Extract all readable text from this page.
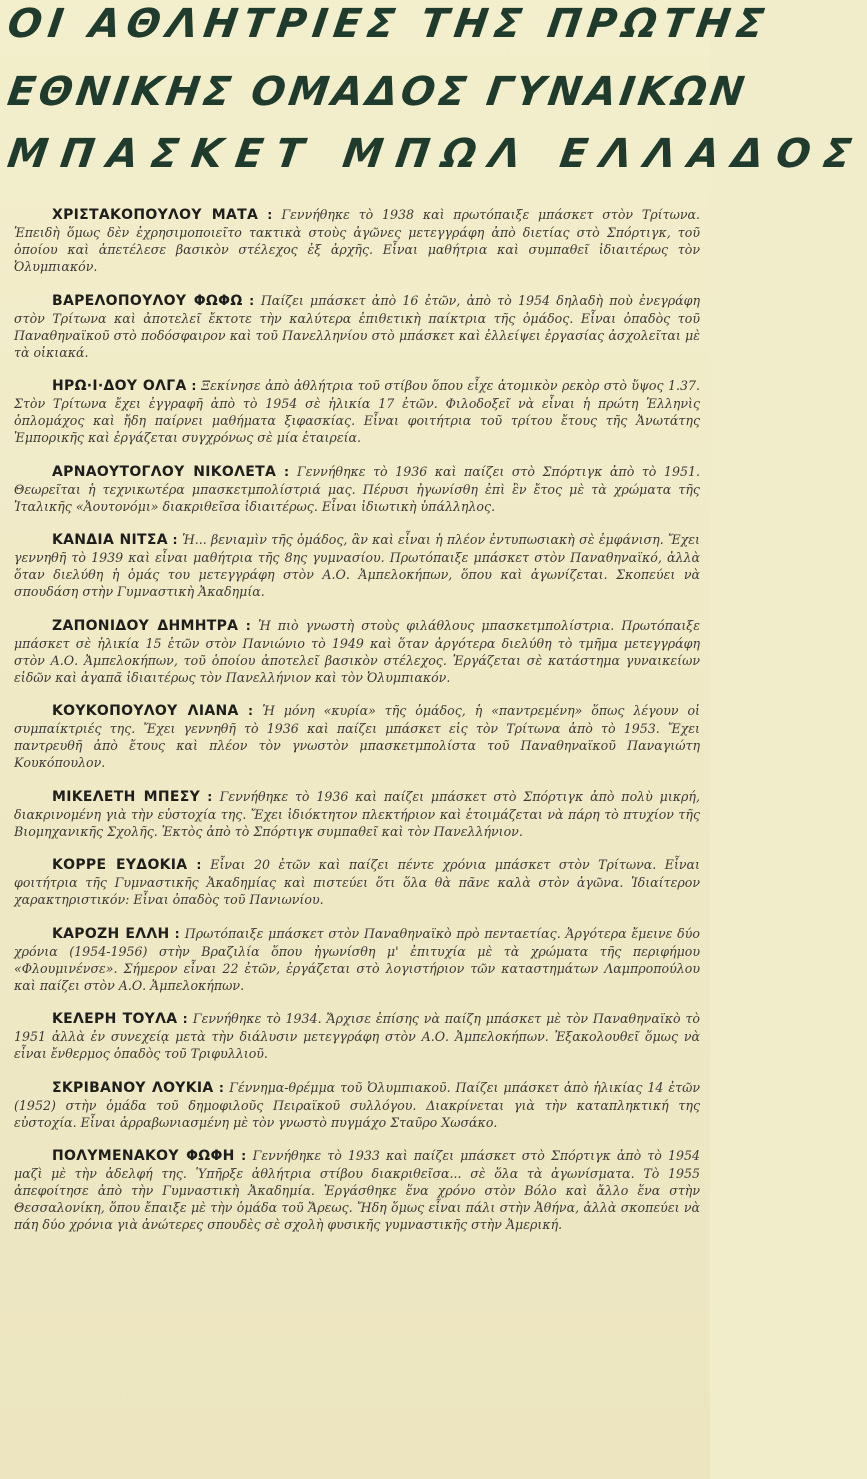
ΟΙ ΑΘΛΗΤΡΙΕΣ ΤΗΣ ΠΡΩΤΗΣ
ΕΘΝΙΚΗΣ ΟΜΑΔΟΣ ΓΥΝΑΙΚΩΝ
ΜΠΑΣΚΕΤ ΜΠΩΛ ΕΛΛΑΔΟΣ

ΧΡΙΣΤΑΚΟΠΟΥΛΟΥ ΜΑΤΑ : Γεννήθηκε τὸ 1938 καὶ πρωτόπαιξε μπάσκετ στὸν Τρίτωνα. Ἐπειδὴ ὅμως δὲν ἐχρησιμοποιεῖτο τακτικὰ στοὺς ἀγῶνες μετεγγράφη ἀπὸ διετίας στὸ Σπόρτιγκ, τοῦ ὁποίου καὶ ἀπετέλεσε βασικὸν στέλεχος ἐξ ἀρχῆς. Εἶναι μαθήτρια καὶ συμπαθεῖ ἰδιαιτέρως τὸν Ὀλυμπιακόν.

ΒΑΡΕΛΟΠΟΥΛΟΥ ΦΩΦΩ : Παίζει μπάσκετ ἀπὸ 16 ἐτῶν, ἀπὸ τὸ 1954 δηλαδὴ ποὺ ἐνεγράφη στὸν Τρίτωνα καὶ ἀποτελεῖ ἔκτοτε τὴν καλύτερα ἐπιθετικὴ παίκτρια τῆς ὁμάδος. Εἶναι ὀπαδὸς τοῦ Παναθηναϊκοῦ στὸ ποδόσφαιρον καὶ τοῦ Πανελληνίου στὸ μπάσκετ καὶ ἐλλείψει ἐργασίας ἀσχολεῖται μὲ τὰ οἰκιακά.

ΗΡΩ·Ι·ΔΟΥ ΟΛΓΑ : Ξεκίνησε ἀπὸ ἀθλήτρια τοῦ στίβου ὅπου εἶχε ἀτομικὸν ρεκὸρ στὸ ὕψος 1.37. Στὸν Τρίτωνα ἔχει ἐγγραφῆ ἀπὸ τὸ 1954 σὲ ἡλικία 17 ἐτῶν. Φιλοδοξεῖ νὰ εἶναι ἡ πρώτη Ἑλληνὶς ὁπλομάχος καὶ ἤδη παίρνει μαθήματα ξιφασκίας. Εἶναι φοιτήτρια τοῦ τρίτου ἔτους τῆς Ἀνωτάτης Ἐμπορικῆς καὶ ἐργάζεται συγχρόνως σὲ μία ἑταιρεία.

ΑΡΝΑΟΥΤΟΓΛΟΥ ΝΙΚΟΛΕΤΑ : Γεννήθηκε τὸ 1936 καὶ παίζει στὸ Σπόρτιγκ ἀπὸ τὸ 1951. Θεωρεῖται ἡ τεχνικωτέρα μπασκετμπολίστριά μας. Πέρυσι ἠγωνίσθη ἐπὶ ἓν ἔτος μὲ τὰ χρώματα τῆς Ἰταλικῆς «Ἀουτονόμι» διακριθεῖσα ἰδιαιτέρως. Εἶναι ἰδιωτικὴ ὑπάλληλος.

ΚΑΝΔΙΑ ΝΙΤΣΑ : Ἡ... βενιαμὶν τῆς ὁμάδος, ἂν καὶ εἶναι ἡ πλέον ἐντυπωσιακὴ σὲ ἐμφάνιση. Ἔχει γεννηθῆ τὸ 1939 καὶ εἶναι μαθήτρια τῆς 8ης γυμνασίου. Πρωτόπαιξε μπάσκετ στὸν Παναθηναϊκό, ἀλλὰ ὅταν διελύθη ἡ ὁμάς του μετεγγράφη στὸν Α.Ο. Ἀμπελοκήπων, ὅπου καὶ ἀγωνίζεται. Σκοπεύει νὰ σπουδάση στὴν Γυμναστικὴ Ἀκαδημία.

ΖΑΠΟΝΙΔΟΥ ΔΗΜΗΤΡΑ : Ἡ πιὸ γνωστὴ στοὺς φιλάθλους μπασκετμπολίστρια. Πρωτόπαιξε μπάσκετ σὲ ἡλικία 15 ἐτῶν στὸν Πανιώνιο τὸ 1949 καὶ ὅταν ἀργότερα διελύθη τὸ τμῆμα μετεγγράφη στὸν Α.Ο. Ἀμπελοκήπων, τοῦ ὁποίου ἀποτελεῖ βασικὸν στέλεχος. Ἐργάζεται σὲ κατάστημα γυναικείων εἰδῶν καὶ ἀγαπᾶ ἰδιαιτέρως τὸν Πανελλήνιον καὶ τὸν Ὀλυμπιακόν.

ΚΟΥΚΟΠΟΥΛΟΥ ΛΙΑΝΑ : Ἡ μόνη «κυρία» τῆς ὁμάδος, ἡ «παντρεμένη» ὅπως λέγουν οἱ συμπαίκτριές της. Ἔχει γεννηθῆ τὸ 1936 καὶ παίζει μπάσκετ εἰς τὸν Τρίτωνα ἀπὸ τὸ 1953. Ἔχει παντρευθῆ ἀπὸ ἔτους καὶ πλέον τὸν γνωστὸν μπασκετμπολίστα τοῦ Παναθηναϊκοῦ Παναγιώτη Κουκόπουλον.

ΜΙΚΕΛΕΤΗ ΜΠΕΣΥ : Γεννήθηκε τὸ 1936 καὶ παίζει μπάσκετ στὸ Σπόρτιγκ ἀπὸ πολὺ μικρή, διακρινομένη γιὰ τὴν εὐστοχία της. Ἔχει ἰδιόκτητον πλεκτήριον καὶ ἑτοιμάζεται νὰ πάρη τὸ πτυχίον τῆς Βιομηχανικῆς Σχολῆς. Ἐκτὸς ἀπὸ τὸ Σπόρτιγκ συμπαθεῖ καὶ τὸν Πανελλήνιον.

ΚΟΡΡΕ ΕΥΔΟΚΙΑ : Εἶναι 20 ἐτῶν καὶ παίζει πέντε χρόνια μπάσκετ στὸν Τρίτωνα. Εἶναι φοιτήτρια τῆς Γυμναστικῆς Ἀκαδημίας καὶ πιστεύει ὅτι ὅλα θὰ πᾶνε καλὰ στὸν ἀγῶνα. Ἰδιαίτερον χαρακτηριστικόν: Εἶναι ὀπαδὸς τοῦ Πανιωνίου.

ΚΑΡΟΖΗ ΕΛΛΗ : Πρωτόπαιξε μπάσκετ στὸν Παναθηναϊκὸ πρὸ πενταετίας. Ἀργότερα ἔμεινε δύο χρόνια (1954-1956) στὴν Βραζιλία ὅπου ἠγωνίσθη μ' ἐπιτυχία μὲ τὰ χρώματα τῆς περιφήμου «Φλουμινένσε». Σήμερον εἶναι 22 ἐτῶν, ἐργάζεται στὸ λογιστήριον τῶν καταστημάτων Λαμπροπούλου καὶ παίζει στὸν Α.Ο. Ἀμπελοκήπων.

ΚΕΛΕΡΗ ΤΟΥΛΑ : Γεννήθηκε τὸ 1934. Ἄρχισε ἐπίσης νὰ παίζη μπάσκετ μὲ τὸν Παναθηναϊκὸ τὸ 1951 ἀλλὰ ἐν συνεχείᾳ μετὰ τὴν διάλυσιν μετεγγράφη στὸν Α.Ο. Ἀμπελοκήπων. Ἐξακολουθεῖ ὅμως νὰ εἶναι ἔνθερμος ὀπαδὸς τοῦ Τριφυλλιοῦ.

ΣΚΡΙΒΑΝΟΥ ΛΟΥΚΙΑ : Γέννημα-θρέμμα τοῦ Ὀλυμπιακοῦ. Παίζει μπάσκετ ἀπὸ ἡλικίας 14 ἐτῶν (1952) στὴν ὁμάδα τοῦ δημοφιλοῦς Πειραϊκοῦ συλλόγου. Διακρίνεται γιὰ τὴν καταπληκτική της εὐστοχία. Εἶναι ἀρραβωνιασμένη μὲ τὸν γνωστὸ πυγμάχο Σταῦρο Χωσάκο.

ΠΟΛΥΜΕΝΑΚΟΥ ΦΩΦΗ : Γεννήθηκε τὸ 1933 καὶ παίζει μπάσκετ στὸ Σπόρτιγκ ἀπὸ τὸ 1954 μαζὶ μὲ τὴν ἀδελφή της. Ὑπῆρξε ἀθλήτρια στίβου διακριθεῖσα... σὲ ὅλα τὰ ἀγωνίσματα. Τὸ 1955 ἀπεφοίτησε ἀπὸ τὴν Γυμναστικὴ Ἀκαδημία. Ἐργάσθηκε ἕνα χρόνο στὸν Βόλο καὶ ἄλλο ἕνα στὴν Θεσσαλονίκη, ὅπου ἔπαιξε μὲ τὴν ὁμάδα τοῦ Ἄρεως. Ἤδη ὅμως εἶναι πάλι στὴν Ἀθήνα, ἀλλὰ σκοπεύει νὰ πάη δύο χρόνια γιὰ ἀνώτερες σπουδὲς σὲ σχολὴ φυσικῆς γυμναστικῆς στὴν Ἀμερική.
